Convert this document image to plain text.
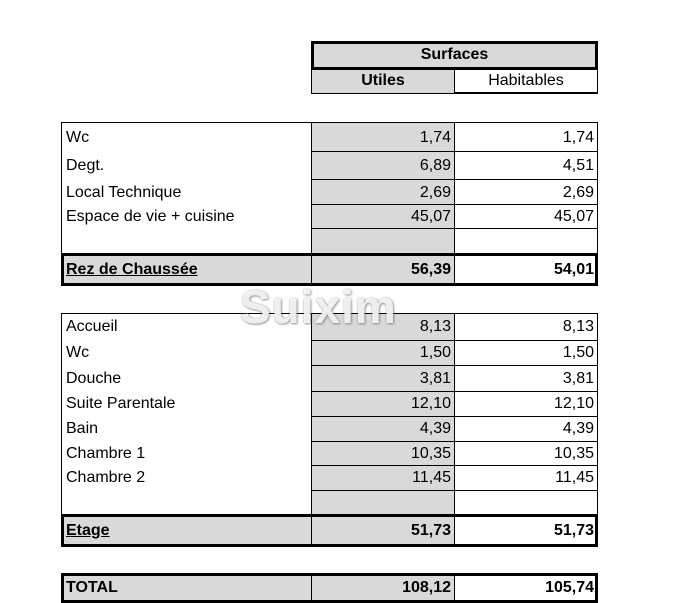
Surfaces
Utiles	Habitables
Wc	1,74	1,74
Degt.	6,89	4,51
Local Technique	2,69	2,69
Espace de vie + cuisine	45,07	45,07
Rez de Chaussée	56,39	54,01
Accueil	8,13	8,13
Wc	1,50	1,50
Douche	3,81	3,81
Suite Parentale	12,10	12,10
Bain	4,39	4,39
Chambre 1	10,35	10,35
Chambre 2	11,45	11,45
Etage	51,73	51,73
TOTAL	108,12	105,74
Suixim
